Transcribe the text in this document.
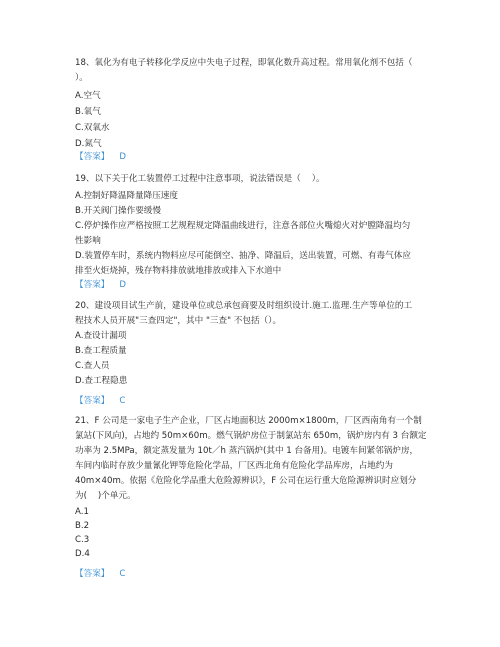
18、氧化为有电子转移化学反应中失电子过程，即氧化数升高过程。常用氧化剂不包括（
）。

A.空气
B.氧气
C.双氧水
D.氮气
【答案】 D

19、以下关于化工装置停工过程中注意事项，说法错误是（    ）。

A.控制好降温降量降压速度
B.开关阀门操作要缓慢
C.停炉操作应严格按照工艺规程规定降温曲线进行，注意各部位火嘴熄火对炉膛降温均匀
性影响
D.装置停车时，系统内物料应尽可能倒空、抽净、降温后，送出装置，可燃、有毒气体应
排至火炬烧掉，残存物料排放就地排放或排入下水道中
【答案】 D

20、建设项目试生产前，建设单位或总承包商要及时组织设计.施工.监理.生产等单位的工
程技术人员开展"三查四定"，其中 "三查" 不包括（）。

A.查设计漏项
B.查工程质量
C.查人员
D.查工程隐患
【答案】 C

21、F 公司是一家电子生产企业，厂区占地面积达 2000m×1800m，厂区西南角有一个制
氯站(下风向)，占地约 50m×60m。燃气锅炉房位于制氯站东 650m，锅炉房内有 3 台额定
功率为 2.5MPa，额定蒸发量为 10t／h 蒸汽锅炉(其中 1 台备用)。电镀车间紧邻锅炉房，
车间内临时存放少量氰化钾等危险化学品，厂区西北角有危险化学品库房，占地约为
40m×40m。依据《危险化学品重大危险源辨识》，F 公司在运行重大危险源辨识时应划分
为(    )个单元。

A.1
B.2
C.3
D.4
【答案】 C
